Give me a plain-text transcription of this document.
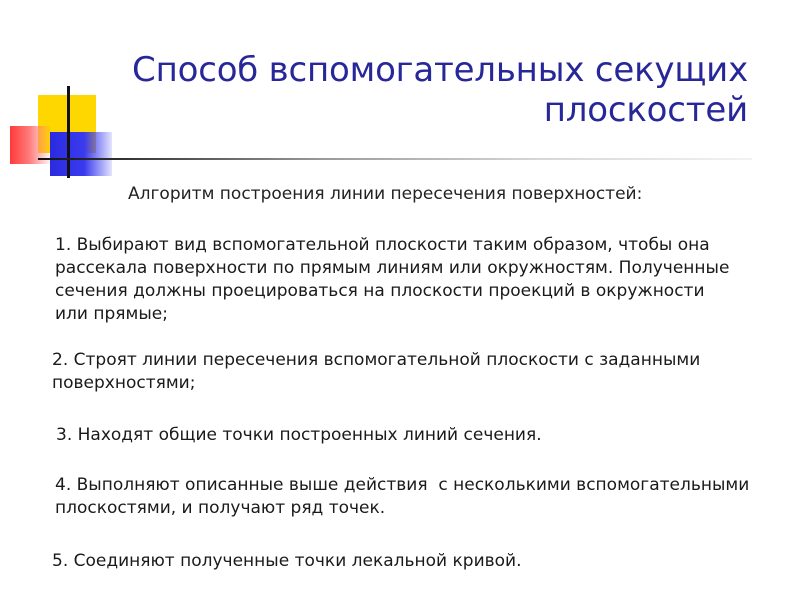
Способ вспомогательных секущих
плоскостей
Алгоритм построения линии пересечения поверхностей:
1. Выбирают вид вспомогательной плоскости таким образом, чтобы она
рассекала поверхности по прямым линиям или окружностям. Полученные
сечения должны проецироваться на плоскости проекций в окружности
или прямые;
2. Строят линии пересечения вспомогательной плоскости с заданными
поверхностями;
3. Находят общие точки построенных линий сечения.
4. Выполняют описанные выше действия  с несколькими вспомогательными
плоскостями, и получают ряд точек.
5. Соединяют полученные точки лекальной кривой.
